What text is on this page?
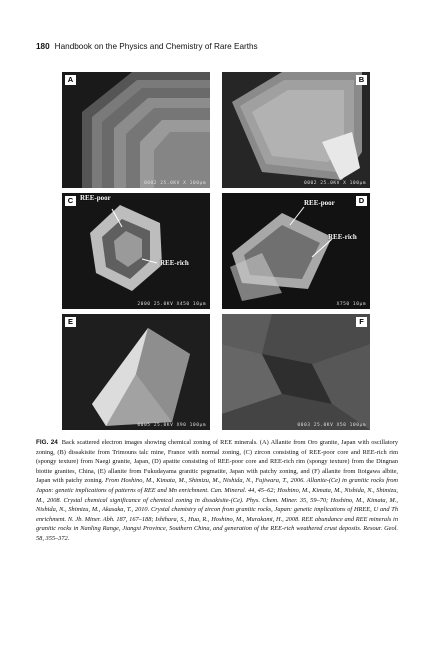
180 Handbook on the Physics and Chemistry of Rare Earths
A
0002 25.0KV X 100µm
B
0002 25.0KV X 100µm
C REE-poor
REE-rich
2000 25.0KV X450 10µm
D
REE-poor
REE-rich
X750 10µm
E
0005 25.0KV X90 100µm
F
0003 25.0KV X50 100µm
FIG. 24 Back scattered electron images showing chemical zoning of REE minerals. (A) Allanite from Oro granite, Japan with oscillatory zoning, (B) dissakisite from Trimouns talc mine, France with normal zoning, (C) zircon consisting of REE-poor core and REE-rich rim (spongy texture) from Naegi granite, Japan, (D) apatite consisting of REE-poor core and REE-rich rim (spongy texture) from the Dingnan biotite granites, China, (E) allanite from Fukudayama granitic pegmatite, Japan with patchy zoning, and (F) allanite from Itoigawa albite, Japan with patchy zoning. From Hoshino, M., Kimata, M., Shimizu, M., Nishida, N., Fujiwara, T., 2006. Allanite-(Ce) in granitic rocks from Japan: genetic implications of patterns of REE and Mn enrichment. Can. Mineral. 44, 45–62; Hoshino, M., Kimata, M., Nishida, N., Shimizu, M., 2008. Crystal chemical significance of chemical zoning in dissakisite-(Ce). Phys. Chem. Miner. 35, 59–70; Hoshino, M., Kimata, M., Nishida, N., Shimizu, M., Akasaka, T., 2010. Crystal chemistry of zircon from granitic rocks, Japan: genetic implications of HREE, U and Th enrichment. N. Jb. Miner. Abh. 187, 167–188; Ishihara, S., Hua, R., Hoshino, M., Murakami, H., 2008. REE abundance and REE minerals in granitic rocks in Nanling Range, Jiangxi Province, Southern China, and generation of the REE-rich weathered crust deposits. Resour. Geol. 58, 355–372.
